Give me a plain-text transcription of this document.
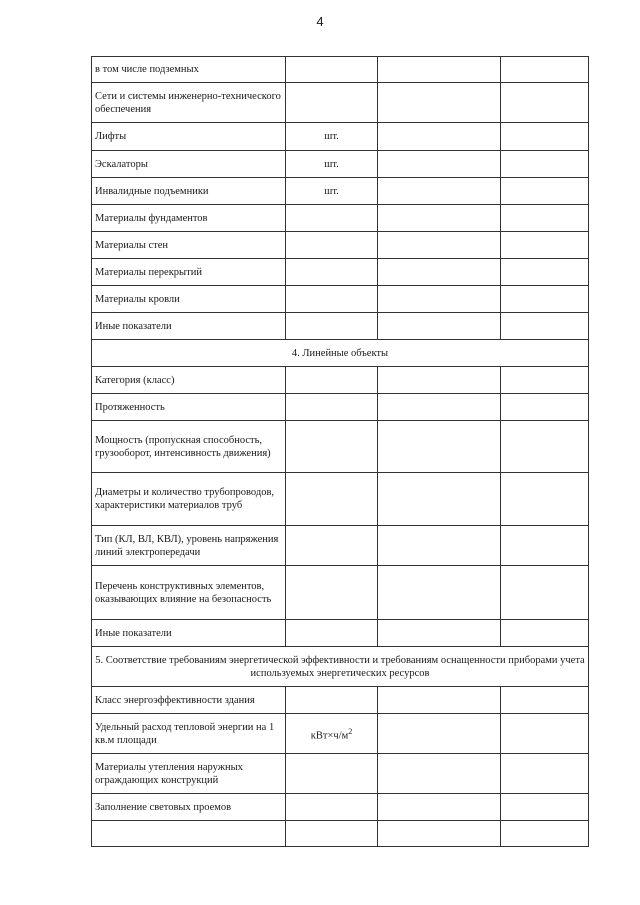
4
в том числе подземных			
Сети и системы инженерно-технического обеспечения			
Лифты	шт.		
Эскалаторы	шт.		
Инвалидные подъемники	шт.		
Материалы фундаментов			
Материалы стен			
Материалы перекрытий			
Материалы кровли			
Иные показатели			
4. Линейные объекты			
Категория (класс)			
Протяженность			
Мощность (пропускная способность, грузооборот, интенсивность движения)			
Диаметры и количество трубопроводов, характеристики материалов труб			
Тип (КЛ, ВЛ, КВЛ), уровень напряжения линий электропередачи			
Перечень конструктивных элементов, оказывающих влияние на безопасность			
Иные показатели			
5. Соответствие требованиям энергетической эффективности и требованиям оснащенности приборами учета используемых энергетических ресурсов			
Класс энергоэффективности здания			
Удельный расход тепловой энергии на 1 кв.м площади	$кВт\times ч/м^2$		
Материалы утепления наружных ограждающих конструкций			
Заполнение световых проемов			
